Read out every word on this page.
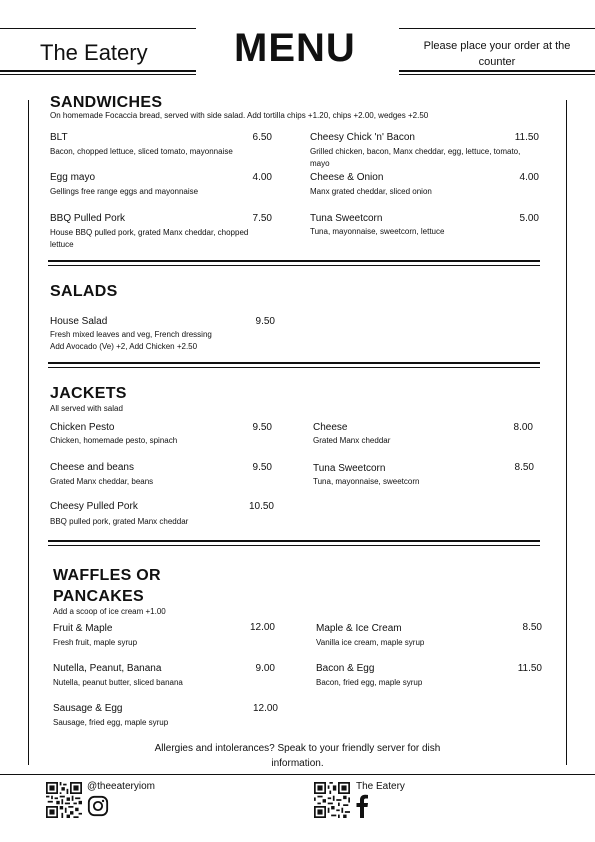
The Eatery MENU	Please place your order at the counter
SANDWICHES
On homemade Focaccia bread, served with side salad. Add tortilla chips +1.20, chips +2.00, wedges +2.50
BLT	6.50
Bacon, chopped lettuce, sliced tomato, mayonnaise
Cheesy Chick 'n' Bacon	11.50
Grilled chicken, bacon, Manx cheddar, egg, lettuce, tomato, mayo
Egg mayo	4.00
Gellings free range eggs and mayonnaise
Cheese & Onion	4.00
Manx grated cheddar, sliced onion
BBQ Pulled Pork	7.50
House BBQ pulled pork, grated Manx cheddar, chopped lettuce
Tuna Sweetcorn	5.00
Tuna, mayonnaise, sweetcorn, lettuce
SALADS
House Salad	9.50
Fresh mixed leaves and veg, French dressing
Add Avocado (Ve) +2, Add Chicken +2.50
JACKETS
All served with salad
Chicken Pesto	9.50
Chicken, homemade pesto, spinach
Cheese	8.00
Grated Manx cheddar
Cheese and beans	9.50
Grated Manx cheddar, beans
Tuna Sweetcorn	8.50
Tuna, mayonnaise, sweetcorn
Cheesy Pulled Pork	10.50
BBQ pulled pork, grated Manx cheddar
WAFFLES OR
PANCAKES
Add a scoop of ice cream +1.00
Fruit & Maple	12.00
Fresh fruit, maple syrup
Maple & Ice Cream	8.50
Vanilla ice cream, maple syrup
Nutella, Peanut, Banana	9.00
Nutella, peanut butter, sliced banana
Bacon & Egg	11.50
Bacon, fried egg, maple syrup
Sausage & Egg	12.00
Sausage, fried egg, maple syrup
Allergies and intolerances? Speak to your friendly server for dish information.
@theeateryiom	The Eatery
